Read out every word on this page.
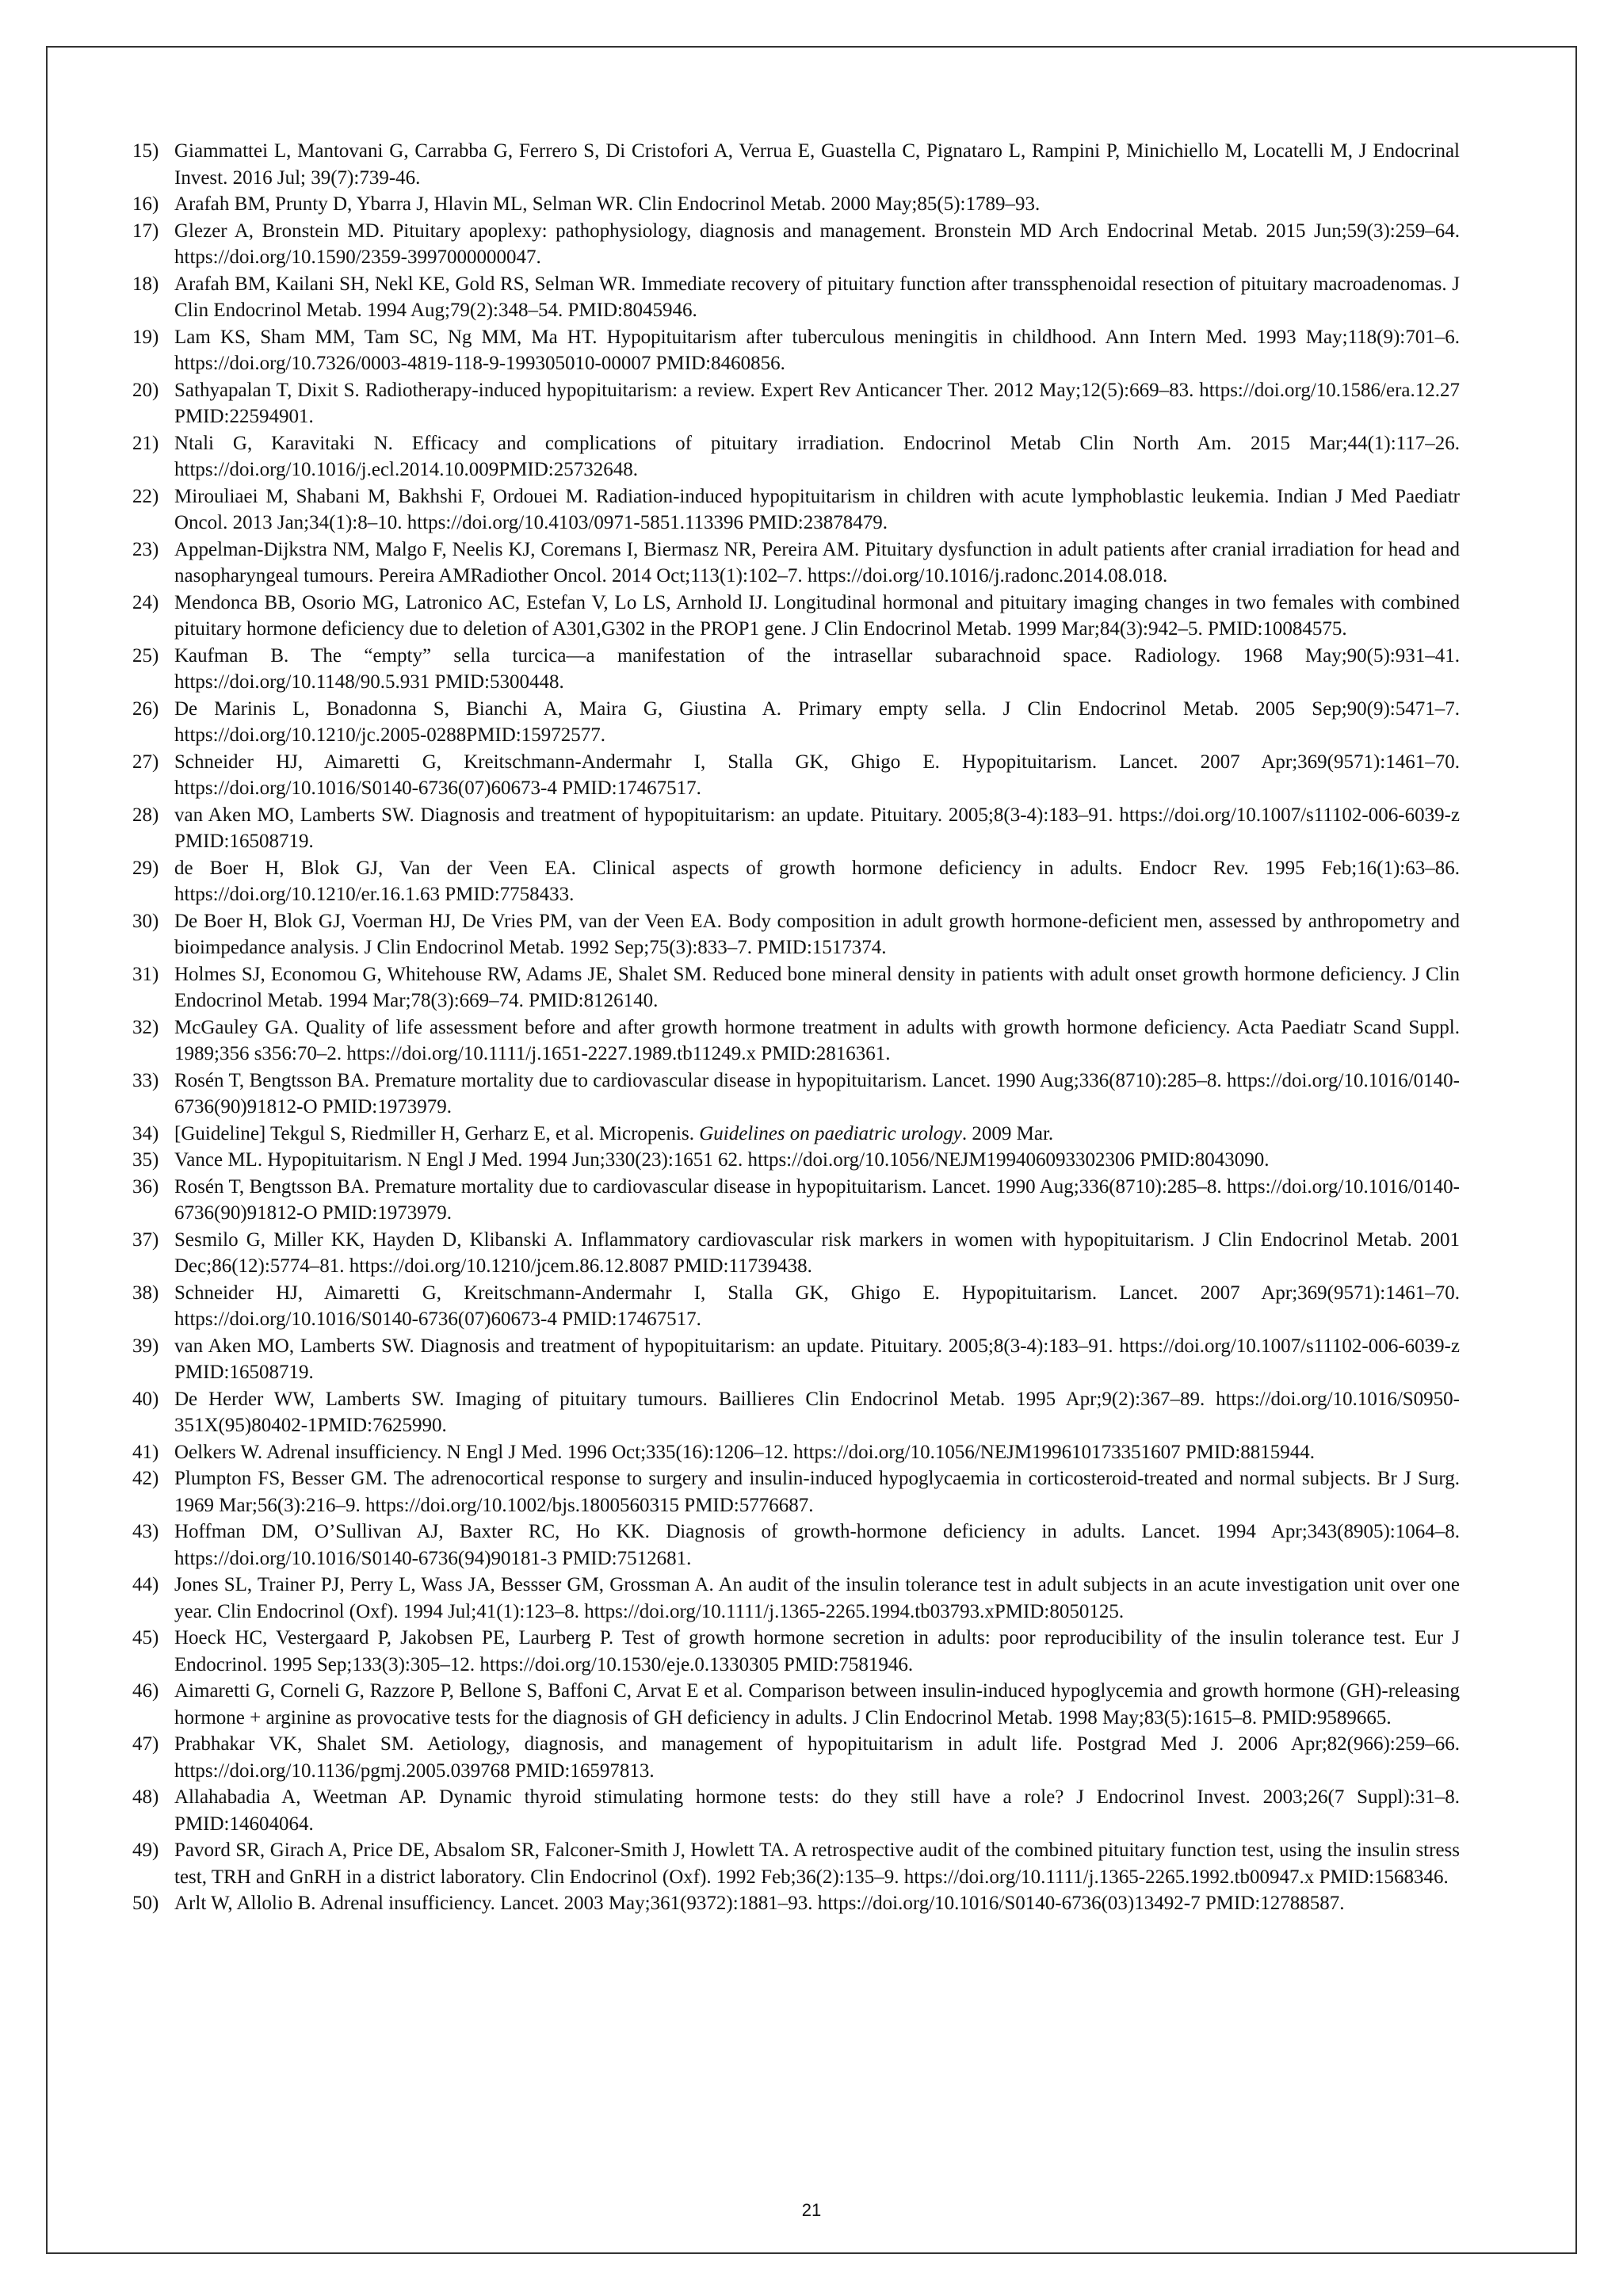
15) Giammattei L, Mantovani G, Carrabba G, Ferrero S, Di Cristofori A, Verrua E, Guastella C, Pignataro L, Rampini P, Minichiello M, Locatelli M, J Endocrinal Invest. 2016 Jul; 39(7):739-46.
16) Arafah BM, Prunty D, Ybarra J, Hlavin ML, Selman WR. Clin Endocrinol Metab. 2000 May;85(5):1789–93.
17) Glezer A, Bronstein MD. Pituitary apoplexy: pathophysiology, diagnosis and management. Bronstein MD Arch Endocrinal Metab. 2015 Jun;59(3):259–64. https://doi.org/10.1590/2359-3997000000047.
18) Arafah BM, Kailani SH, Nekl KE, Gold RS, Selman WR. Immediate recovery of pituitary function after transsphenoidal resection of pituitary macroadenomas. J Clin Endocrinol Metab. 1994 Aug;79(2):348–54. PMID:8045946.
19) Lam KS, Sham MM, Tam SC, Ng MM, Ma HT. Hypopituitarism after tuberculous meningitis in childhood. Ann Intern Med. 1993 May;118(9):701–6. https://doi.org/10.7326/0003-4819-118-9-199305010-00007 PMID:8460856.
20) Sathyapalan T, Dixit S. Radiotherapy-induced hypopituitarism: a review. Expert Rev Anticancer Ther. 2012 May;12(5):669–83. https://doi.org/10.1586/era.12.27 PMID:22594901.
21) Ntali G, Karavitaki N. Efficacy and complications of pituitary irradiation. Endocrinol Metab Clin North Am. 2015 Mar;44(1):117–26. https://doi.org/10.1016/j.ecl.2014.10.009PMID:25732648.
22) Mirouliaei M, Shabani M, Bakhshi F, Ordouei M. Radiation-induced hypopituitarism in children with acute lymphoblastic leukemia. Indian J Med Paediatr Oncol. 2013 Jan;34(1):8–10. https://doi.org/10.4103/0971-5851.113396 PMID:23878479.
23) Appelman-Dijkstra NM, Malgo F, Neelis KJ, Coremans I, Biermasz NR, Pereira AM. Pituitary dysfunction in adult patients after cranial irradiation for head and nasopharyngeal tumours. Pereira AMRadiother Oncol. 2014 Oct;113(1):102–7. https://doi.org/10.1016/j.radonc.2014.08.018.
24) Mendonca BB, Osorio MG, Latronico AC, Estefan V, Lo LS, Arnhold IJ. Longitudinal hormonal and pituitary imaging changes in two females with combined pituitary hormone deficiency due to deletion of A301,G302 in the PROP1 gene. J Clin Endocrinol Metab. 1999 Mar;84(3):942–5. PMID:10084575.
25) Kaufman B. The “empty” sella turcica—a manifestation of the intrasellar subarachnoid space. Radiology. 1968 May;90(5):931–41. https://doi.org/10.1148/90.5.931 PMID:5300448.
26) De Marinis L, Bonadonna S, Bianchi A, Maira G, Giustina A. Primary empty sella. J Clin Endocrinol Metab. 2005 Sep;90(9):5471–7. https://doi.org/10.1210/jc.2005-0288PMID:15972577.
27) Schneider HJ, Aimaretti G, Kreitschmann-Andermahr I, Stalla GK, Ghigo E. Hypopituitarism. Lancet. 2007 Apr;369(9571):1461–70. https://doi.org/10.1016/S0140-6736(07)60673-4 PMID:17467517.
28) van Aken MO, Lamberts SW. Diagnosis and treatment of hypopituitarism: an update. Pituitary. 2005;8(3-4):183–91. https://doi.org/10.1007/s11102-006-6039-z PMID:16508719.
29) de Boer H, Blok GJ, Van der Veen EA. Clinical aspects of growth hormone deficiency in adults. Endocr Rev. 1995 Feb;16(1):63–86. https://doi.org/10.1210/er.16.1.63 PMID:7758433.
30) De Boer H, Blok GJ, Voerman HJ, De Vries PM, van der Veen EA. Body composition in adult growth hormone-deficient men, assessed by anthropometry and bioimpedance analysis. J Clin Endocrinol Metab. 1992 Sep;75(3):833–7. PMID:1517374.
31) Holmes SJ, Economou G, Whitehouse RW, Adams JE, Shalet SM. Reduced bone mineral density in patients with adult onset growth hormone deficiency. J Clin Endocrinol Metab. 1994 Mar;78(3):669–74. PMID:8126140.
32) McGauley GA. Quality of life assessment before and after growth hormone treatment in adults with growth hormone deficiency. Acta Paediatr Scand Suppl. 1989;356 s356:70–2. https://doi.org/10.1111/j.1651-2227.1989.tb11249.x PMID:2816361.
33) Rosén T, Bengtsson BA. Premature mortality due to cardiovascular disease in hypopituitarism. Lancet. 1990 Aug;336(8710):285–8. https://doi.org/10.1016/0140-6736(90)91812-O PMID:1973979.
34) [Guideline] Tekgul S, Riedmiller H, Gerharz E, et al. Micropenis. Guidelines on paediatric urology. 2009 Mar.
35) Vance ML. Hypopituitarism. N Engl J Med. 1994 Jun;330(23):1651 62. https://doi.org/10.1056/NEJM199406093302306 PMID:8043090.
36) Rosén T, Bengtsson BA. Premature mortality due to cardiovascular disease in hypopituitarism. Lancet. 1990 Aug;336(8710):285–8. https://doi.org/10.1016/0140-6736(90)91812-O PMID:1973979.
37) Sesmilo G, Miller KK, Hayden D, Klibanski A. Inflammatory cardiovascular risk markers in women with hypopituitarism. J Clin Endocrinol Metab. 2001 Dec;86(12):5774–81. https://doi.org/10.1210/jcem.86.12.8087 PMID:11739438.
38) Schneider HJ, Aimaretti G, Kreitschmann-Andermahr I, Stalla GK, Ghigo E. Hypopituitarism. Lancet. 2007 Apr;369(9571):1461–70. https://doi.org/10.1016/S0140-6736(07)60673-4 PMID:17467517.
39) van Aken MO, Lamberts SW. Diagnosis and treatment of hypopituitarism: an update. Pituitary. 2005;8(3-4):183–91. https://doi.org/10.1007/s11102-006-6039-z PMID:16508719.
40) De Herder WW, Lamberts SW. Imaging of pituitary tumours. Baillieres Clin Endocrinol Metab. 1995 Apr;9(2):367–89. https://doi.org/10.1016/S0950-351X(95)80402-1PMID:7625990.
41) Oelkers W. Adrenal insufficiency. N Engl J Med. 1996 Oct;335(16):1206–12. https://doi.org/10.1056/NEJM199610173351607 PMID:8815944.
42) Plumpton FS, Besser GM. The adrenocortical response to surgery and insulin-induced hypoglycaemia in corticosteroid-treated and normal subjects. Br J Surg. 1969 Mar;56(3):216–9. https://doi.org/10.1002/bjs.1800560315 PMID:5776687.
43) Hoffman DM, O’Sullivan AJ, Baxter RC, Ho KK. Diagnosis of growth-hormone deficiency in adults. Lancet. 1994 Apr;343(8905):1064–8. https://doi.org/10.1016/S0140-6736(94)90181-3 PMID:7512681.
44) Jones SL, Trainer PJ, Perry L, Wass JA, Bessser GM, Grossman A. An audit of the insulin tolerance test in adult subjects in an acute investigation unit over one year. Clin Endocrinol (Oxf). 1994 Jul;41(1):123–8. https://doi.org/10.1111/j.1365-2265.1994.tb03793.xPMID:8050125.
45) Hoeck HC, Vestergaard P, Jakobsen PE, Laurberg P. Test of growth hormone secretion in adults: poor reproducibility of the insulin tolerance test. Eur J Endocrinol. 1995 Sep;133(3):305–12. https://doi.org/10.1530/eje.0.1330305 PMID:7581946.
46) Aimaretti G, Corneli G, Razzore P, Bellone S, Baffoni C, Arvat E et al. Comparison between insulin-induced hypoglycemia and growth hormone (GH)-releasing hormone + arginine as provocative tests for the diagnosis of GH deficiency in adults. J Clin Endocrinol Metab. 1998 May;83(5):1615–8. PMID:9589665.
47) Prabhakar VK, Shalet SM. Aetiology, diagnosis, and management of hypopituitarism in adult life. Postgrad Med J. 2006 Apr;82(966):259–66. https://doi.org/10.1136/pgmj.2005.039768 PMID:16597813.
48) Allahabadia A, Weetman AP. Dynamic thyroid stimulating hormone tests: do they still have a role? J Endocrinol Invest. 2003;26(7 Suppl):31–8. PMID:14604064.
49) Pavord SR, Girach A, Price DE, Absalom SR, Falconer-Smith J, Howlett TA. A retrospective audit of the combined pituitary function test, using the insulin stress test, TRH and GnRH in a district laboratory. Clin Endocrinol (Oxf). 1992 Feb;36(2):135–9. https://doi.org/10.1111/j.1365-2265.1992.tb00947.x PMID:1568346.
50) Arlt W, Allolio B. Adrenal insufficiency. Lancet. 2003 May;361(9372):1881–93. https://doi.org/10.1016/S0140-6736(03)13492-7 PMID:12788587.
21
